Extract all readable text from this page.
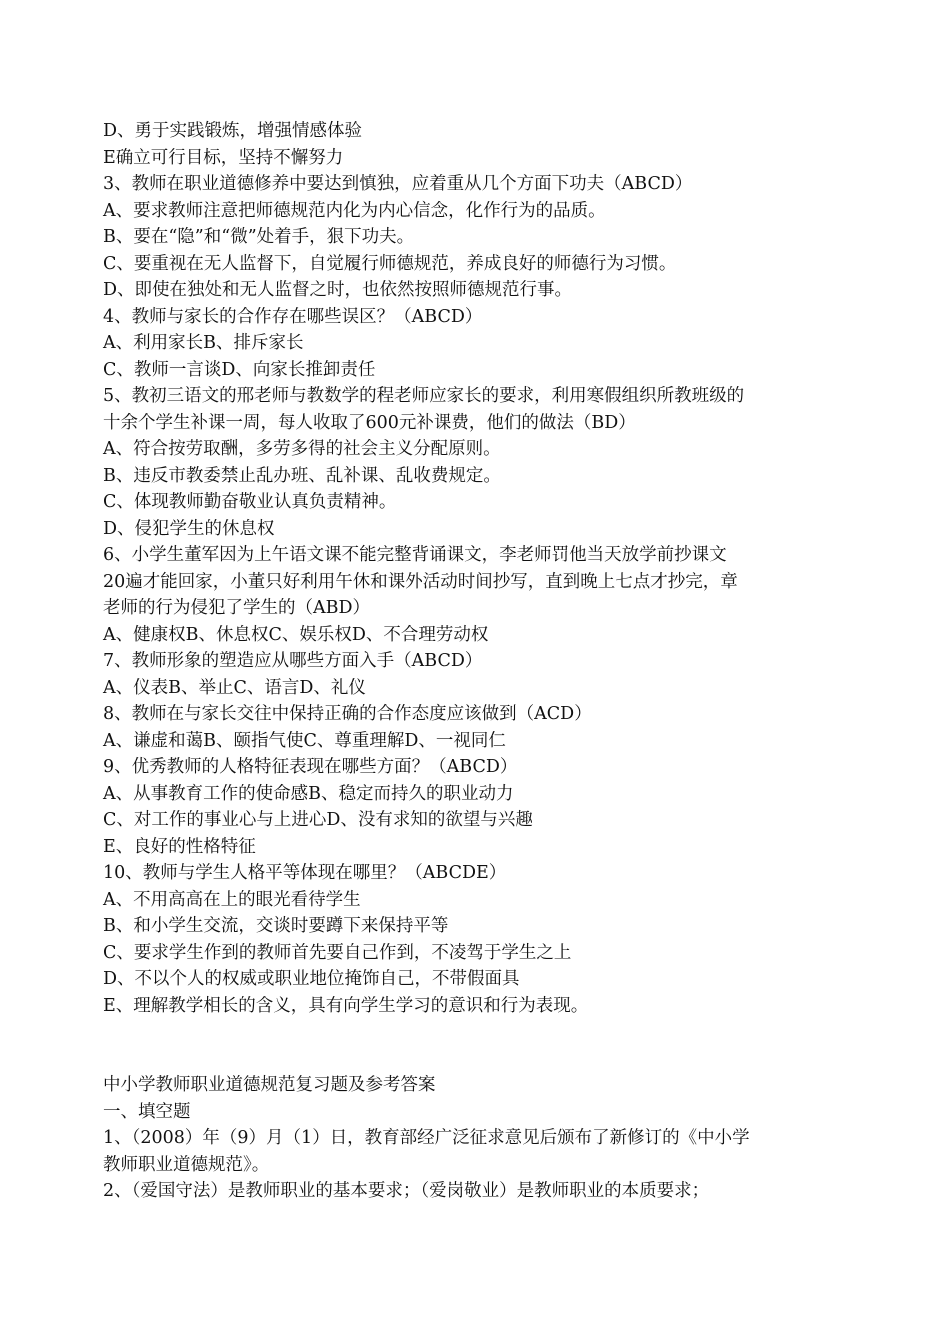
D、勇于实践锻炼，增强情感体验
E确立可行目标，坚持不懈努力
3、教师在职业道德修养中要达到慎独，应着重从几个方面下功夫（ABCD）
A、要求教师注意把师德规范内化为内心信念，化作行为的品质。
B、要在“隐”和“微”处着手，狠下功夫。
C、要重视在无人监督下，自觉履行师德规范，养成良好的师德行为习惯。
D、即使在独处和无人监督之时，也依然按照师德规范行事。
4、教师与家长的合作存在哪些误区？（ABCD）
A、利用家长B、排斥家长
C、教师一言谈D、向家长推卸责任
5、教初三语文的邢老师与教数学的程老师应家长的要求，利用寒假组织所教班级的
十余个学生补课一周，每人收取了600元补课费，他们的做法（BD）
A、符合按劳取酬，多劳多得的社会主义分配原则。
B、违反市教委禁止乱办班、乱补课、乱收费规定。
C、体现教师勤奋敬业认真负责精神。
D、侵犯学生的休息权
6、小学生董军因为上午语文课不能完整背诵课文，李老师罚他当天放学前抄课文
20遍才能回家，小董只好利用午休和课外活动时间抄写，直到晚上七点才抄完，章
老师的行为侵犯了学生的（ABD）
A、健康权B、休息权C、娱乐权D、不合理劳动权
7、教师形象的塑造应从哪些方面入手（ABCD）
A、仪表B、举止C、语言D、礼仪
8、教师在与家长交往中保持正确的合作态度应该做到（ACD）
A、谦虚和蔼B、颐指气使C、尊重理解D、一视同仁
9、优秀教师的人格特征表现在哪些方面？（ABCD）
A、从事教育工作的使命感B、稳定而持久的职业动力
C、对工作的事业心与上进心D、没有求知的欲望与兴趣
E、良好的性格特征
10、教师与学生人格平等体现在哪里？（ABCDE）
A、不用高高在上的眼光看待学生
B、和小学生交流，交谈时要蹲下来保持平等
C、要求学生作到的教师首先要自己作到，不凌驾于学生之上
D、不以个人的权威或职业地位掩饰自己，不带假面具
E、理解教学相长的含义，具有向学生学习的意识和行为表现。
中小学教师职业道德规范复习题及参考答案
一、填空题
1、（2008）年（9）月（1）日，教育部经广泛征求意见后颁布了新修订的《中小学
教师职业道德规范》。
2、（爱国守法）是教师职业的基本要求；（爱岗敬业）是教师职业的本质要求；
